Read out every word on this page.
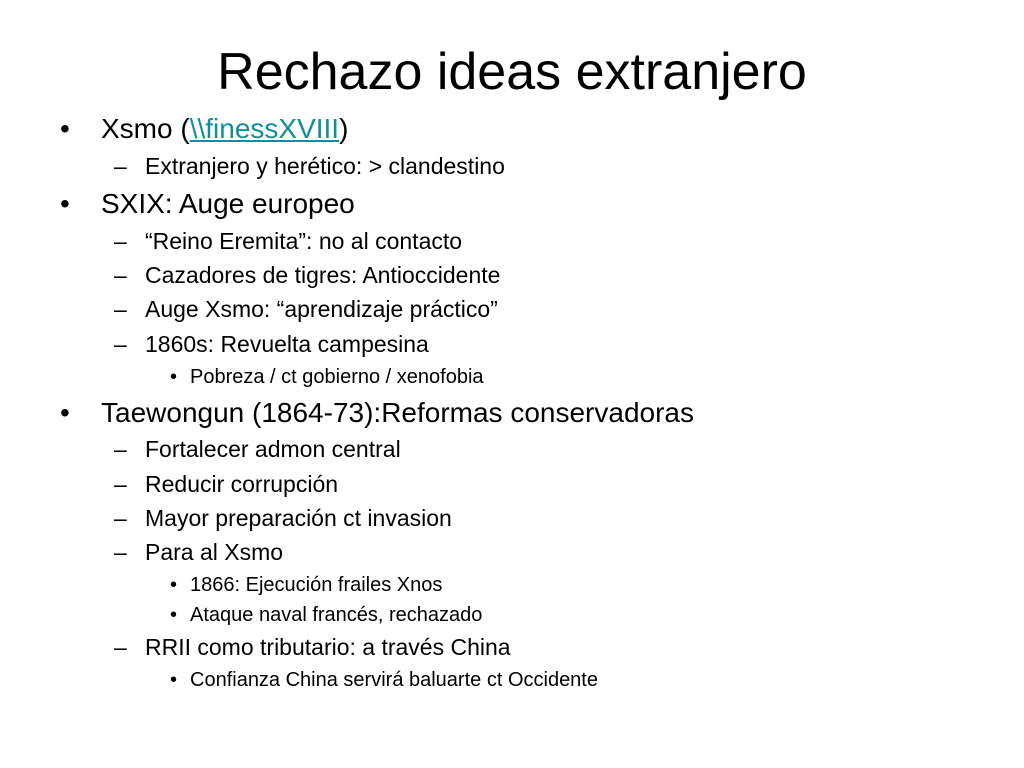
Rechazo ideas extranjero
• Xsmo (\\finessXVIII)
– Extranjero y herético: > clandestino
• SXIX: Auge europeo
– “Reino Eremita”: no al contacto
– Cazadores de tigres: Antioccidente
– Auge Xsmo: “aprendizaje práctico”
– 1860s: Revuelta campesina
• Pobreza / ct gobierno / xenofobia
• Taewongun (1864-73):Reformas conservadoras
– Fortalecer admon central
– Reducir corrupción
– Mayor preparación ct invasion
– Para al Xsmo
• 1866: Ejecución frailes Xnos
• Ataque naval francés, rechazado
– RRII como tributario: a través China
• Confianza China servirá baluarte ct Occidente
